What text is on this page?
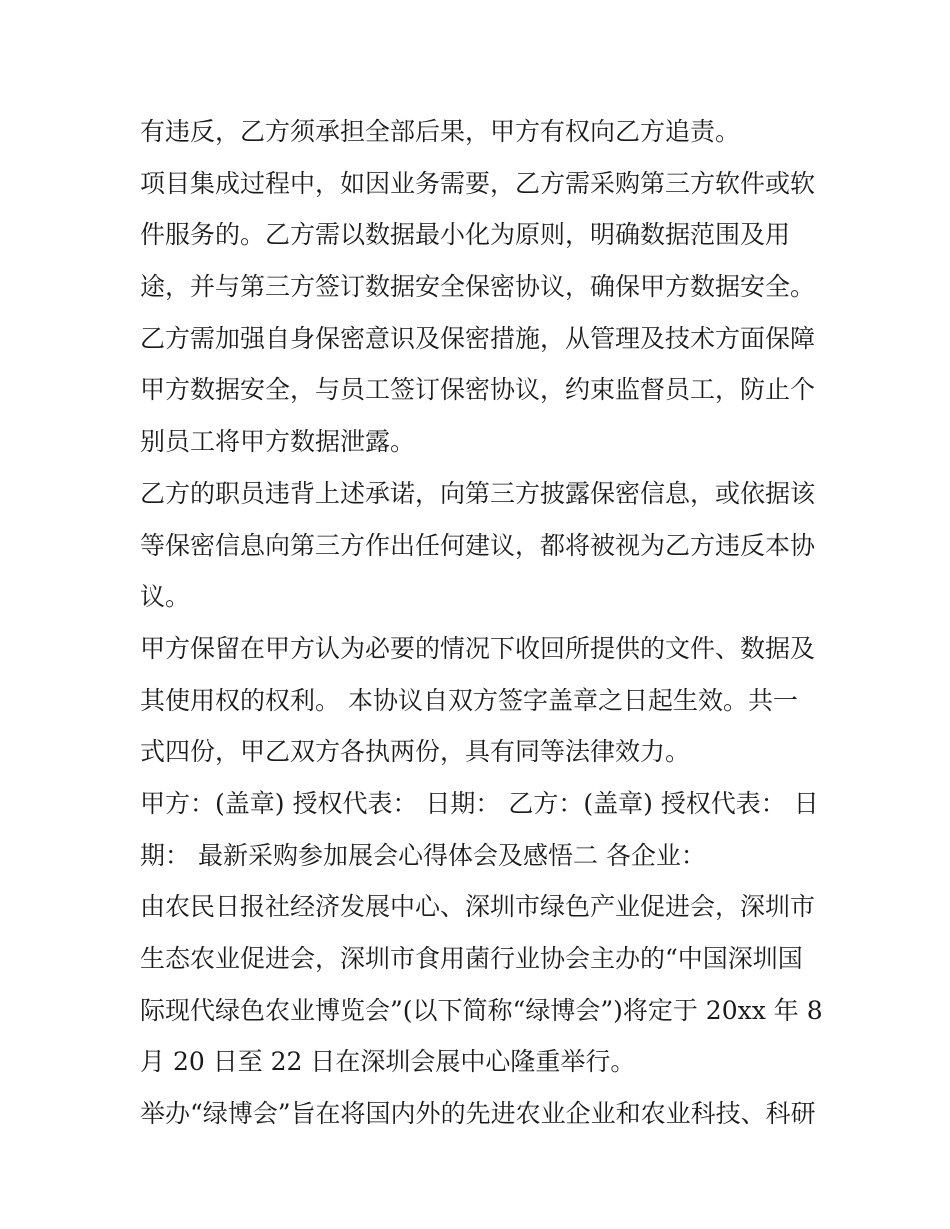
有违反，乙方须承担全部后果，甲方有权向乙方追责。

项目集成过程中，如因业务需要，乙方需采购第三方软件或软

件服务的。乙方需以数据最小化为原则，明确数据范围及用

途，并与第三方签订数据安全保密协议，确保甲方数据安全。

乙方需加强自身保密意识及保密措施，从管理及技术方面保障

甲方数据安全，与员工签订保密协议，约束监督员工，防止个

别员工将甲方数据泄露。

乙方的职员违背上述承诺，向第三方披露保密信息，或依据该

等保密信息向第三方作出任何建议，都将被视为乙方违反本协

议。

甲方保留在甲方认为必要的情况下收回所提供的文件、数据及

其使用权的权利。 本协议自双方签字盖章之日起生效。共一

式四份，甲乙双方各执两份，具有同等法律效力。

甲方：(盖章) 授权代表： 日期： 乙方：(盖章) 授权代表： 日

期： 最新采购参加展会心得体会及感悟二 各企业：

由农民日报社经济发展中心、深圳市绿色产业促进会，深圳市

生态农业促进会，深圳市食用菌行业协会主办的“中国深圳国

际现代绿色农业博览会”(以下简称“绿博会”)将定于 20xx 年 8

月 20 日至 22 日在深圳会展中心隆重举行。

举办“绿博会”旨在将国内外的先进农业企业和农业科技、科研
